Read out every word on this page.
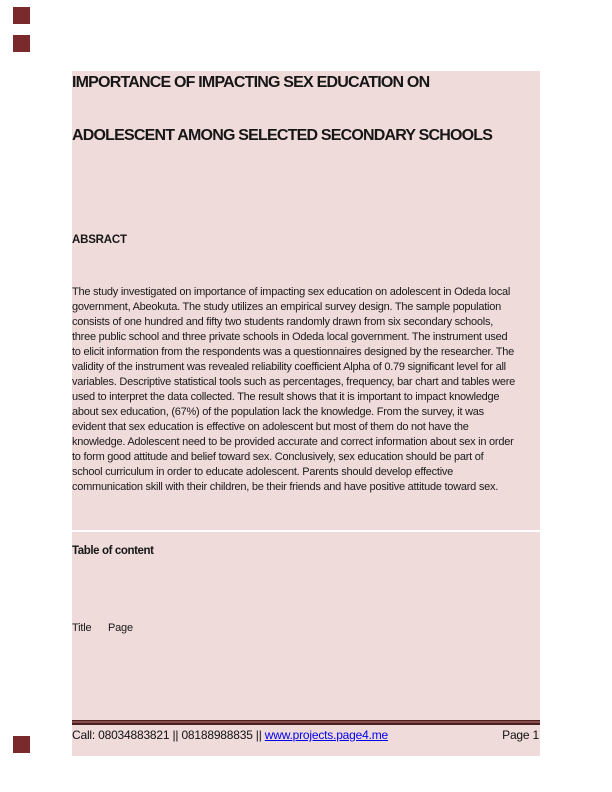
IMPORTANCE OF IMPACTING SEX EDUCATION ON
ADOLESCENT AMONG SELECTED SECONDARY SCHOOLS
ABSRACT
The study investigated on importance of impacting sex education on adolescent in Odeda local
government, Abeokuta. The study utilizes an empirical survey design. The sample population
consists of one hundred and fifty two students randomly drawn from six secondary schools,
three public school and three private schools in Odeda local government. The instrument used
to elicit information from the respondents was a questionnaires designed by the researcher. The
validity of the instrument was revealed reliability coefficient Alpha of 0.79 significant level for all
variables. Descriptive statistical tools such as percentages, frequency, bar chart and tables were
used to interpret the data collected. The result shows that it is important to impact knowledge
about sex education, (67%) of the population lack the knowledge. From the survey, it was
evident that sex education is effective on adolescent but most of them do not have the
knowledge. Adolescent need to be provided accurate and correct information about sex in order
to form good attitude and belief toward sex. Conclusively, sex education should be part of
school curriculum in order to educate adolescent. Parents should develop effective
communication skill with their children, be their friends and have positive attitude toward sex.
Table of content
Title Page
Call: 08034883821 || 08188988835 || www.projects.page4.me	Page 1
